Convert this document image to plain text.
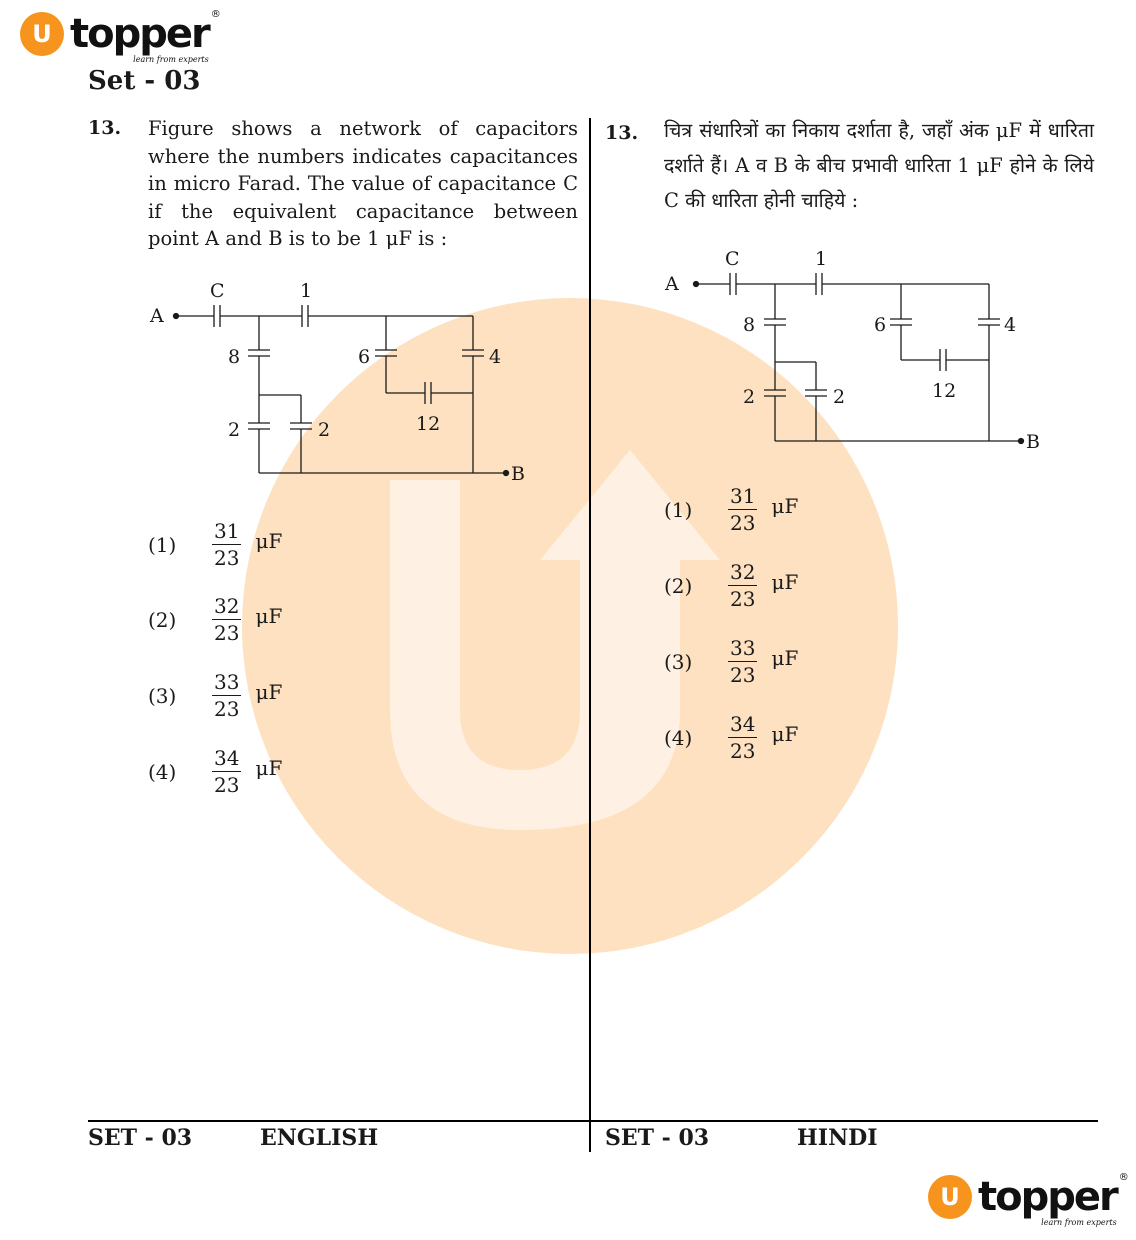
U topper ®
learn from experts
Set - 03
13. Figure shows a network of capacitors where the numbers indicates capacitances in micro Farad. The value of capacitance C if the equivalent capacitance between point A and B is to be 1 μF is :
A
C	1
8	6	4
2	2	12
B
(1)	$\frac{31}{23}$ μF
(2)	$\frac{32}{23}$ μF
(3)	$\frac{33}{23}$ μF
(4)	$\frac{34}{23}$ μF
13. चित्र संधारित्रों का निकाय दर्शाता है, जहाँ अंक μF में धारिता दर्शाते हैं। A व B के बीच प्रभावी धारिता 1 μF होने के लिये C की धारिता होनी चाहिये :
A
C	1
8	6	4
2	2	12
B
(1)	$\frac{31}{23}$ μF
(2)	$\frac{32}{23}$ μF
(3)	$\frac{33}{23}$ μF
(4)	$\frac{34}{23}$ μF
SET - 03	ENGLISH	SET - 03	HINDI
U topper ®
learn from experts
